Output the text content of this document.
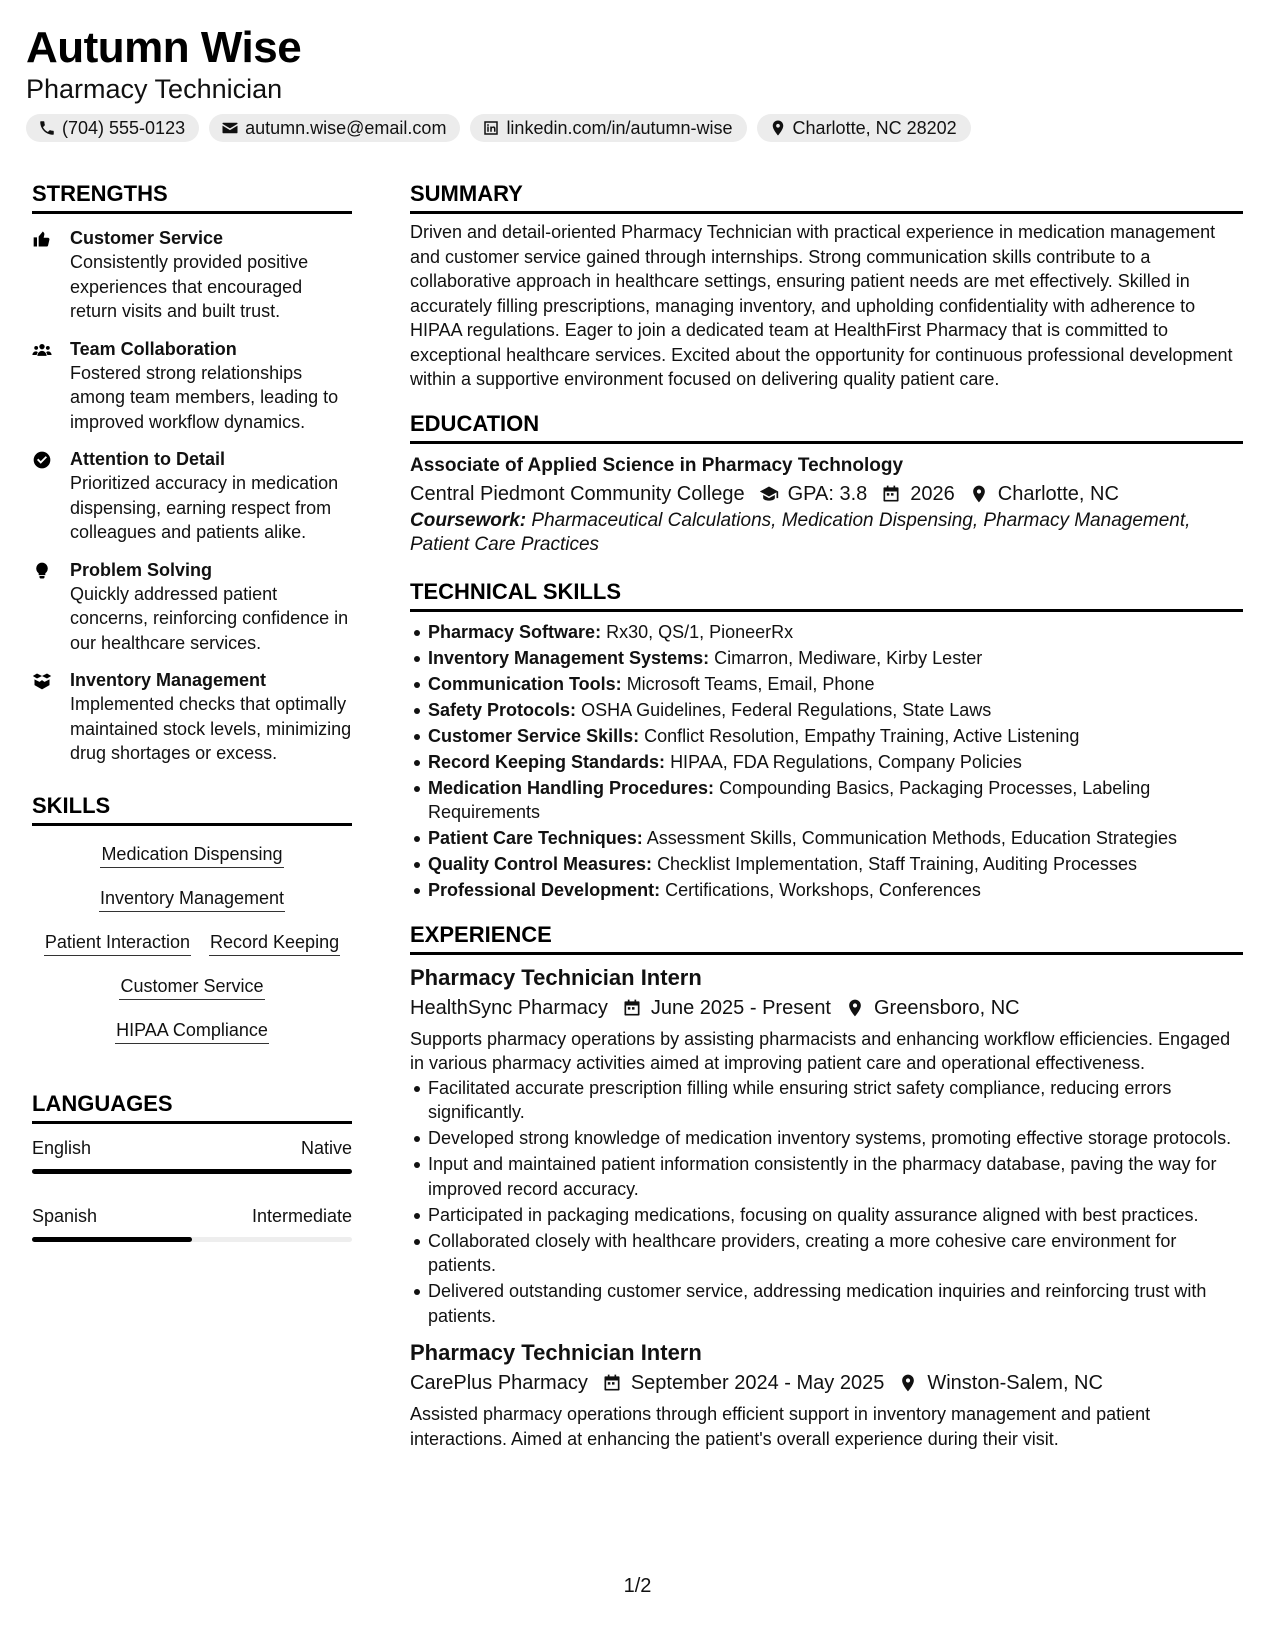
Autumn Wise
Pharmacy Technician
(704) 555-0123	autumn.wise@email.com	linkedin.com/in/autumn-wise	Charlotte, NC 28202
STRENGTHS
Customer Service
Consistently provided positive experiences that encouraged return visits and built trust.
Team Collaboration
Fostered strong relationships among team members, leading to improved workflow dynamics.
Attention to Detail
Prioritized accuracy in medication dispensing, earning respect from colleagues and patients alike.
Problem Solving
Quickly addressed patient concerns, reinforcing confidence in our healthcare services.
Inventory Management
Implemented checks that optimally maintained stock levels, minimizing drug shortages or excess.
SKILLS
Medication Dispensing
Inventory Management
Patient Interaction Record Keeping
Customer Service
HIPAA Compliance
LANGUAGES
English	Native
Spanish	Intermediate
SUMMARY
Driven and detail-oriented Pharmacy Technician with practical experience in medication management and customer service gained through internships. Strong communication skills contribute to a collaborative approach in healthcare settings, ensuring patient needs are met effectively. Skilled in accurately filling prescriptions, managing inventory, and upholding confidentiality with adherence to HIPAA regulations. Eager to join a dedicated team at HealthFirst Pharmacy that is committed to exceptional healthcare services. Excited about the opportunity for continuous professional development within a supportive environment focused on delivering quality patient care.
EDUCATION
Associate of Applied Science in Pharmacy Technology
Central Piedmont Community College GPA: 3.8 2026 Charlotte, NC
Coursework: Pharmaceutical Calculations, Medication Dispensing, Pharmacy Management, Patient Care Practices
TECHNICAL SKILLS
Pharmacy Software: Rx30, QS/1, PioneerRx
Inventory Management Systems: Cimarron, Mediware, Kirby Lester
Communication Tools: Microsoft Teams, Email, Phone
Safety Protocols: OSHA Guidelines, Federal Regulations, State Laws
Customer Service Skills: Conflict Resolution, Empathy Training, Active Listening
Record Keeping Standards: HIPAA, FDA Regulations, Company Policies
Medication Handling Procedures: Compounding Basics, Packaging Processes, Labeling Requirements
Patient Care Techniques: Assessment Skills, Communication Methods, Education Strategies
Quality Control Measures: Checklist Implementation, Staff Training, Auditing Processes
Professional Development: Certifications, Workshops, Conferences
EXPERIENCE
Pharmacy Technician Intern
HealthSync Pharmacy June 2025 - Present Greensboro, NC
Supports pharmacy operations by assisting pharmacists and enhancing workflow efficiencies. Engaged in various pharmacy activities aimed at improving patient care and operational effectiveness.
Facilitated accurate prescription filling while ensuring strict safety compliance, reducing errors significantly.
Developed strong knowledge of medication inventory systems, promoting effective storage protocols.
Input and maintained patient information consistently in the pharmacy database, paving the way for improved record accuracy.
Participated in packaging medications, focusing on quality assurance aligned with best practices.
Collaborated closely with healthcare providers, creating a more cohesive care environment for patients.
Delivered outstanding customer service, addressing medication inquiries and reinforcing trust with patients.
Pharmacy Technician Intern
CarePlus Pharmacy September 2024 - May 2025 Winston-Salem, NC
Assisted pharmacy operations through efficient support in inventory management and patient interactions. Aimed at enhancing the patient's overall experience during their visit.
1/2
